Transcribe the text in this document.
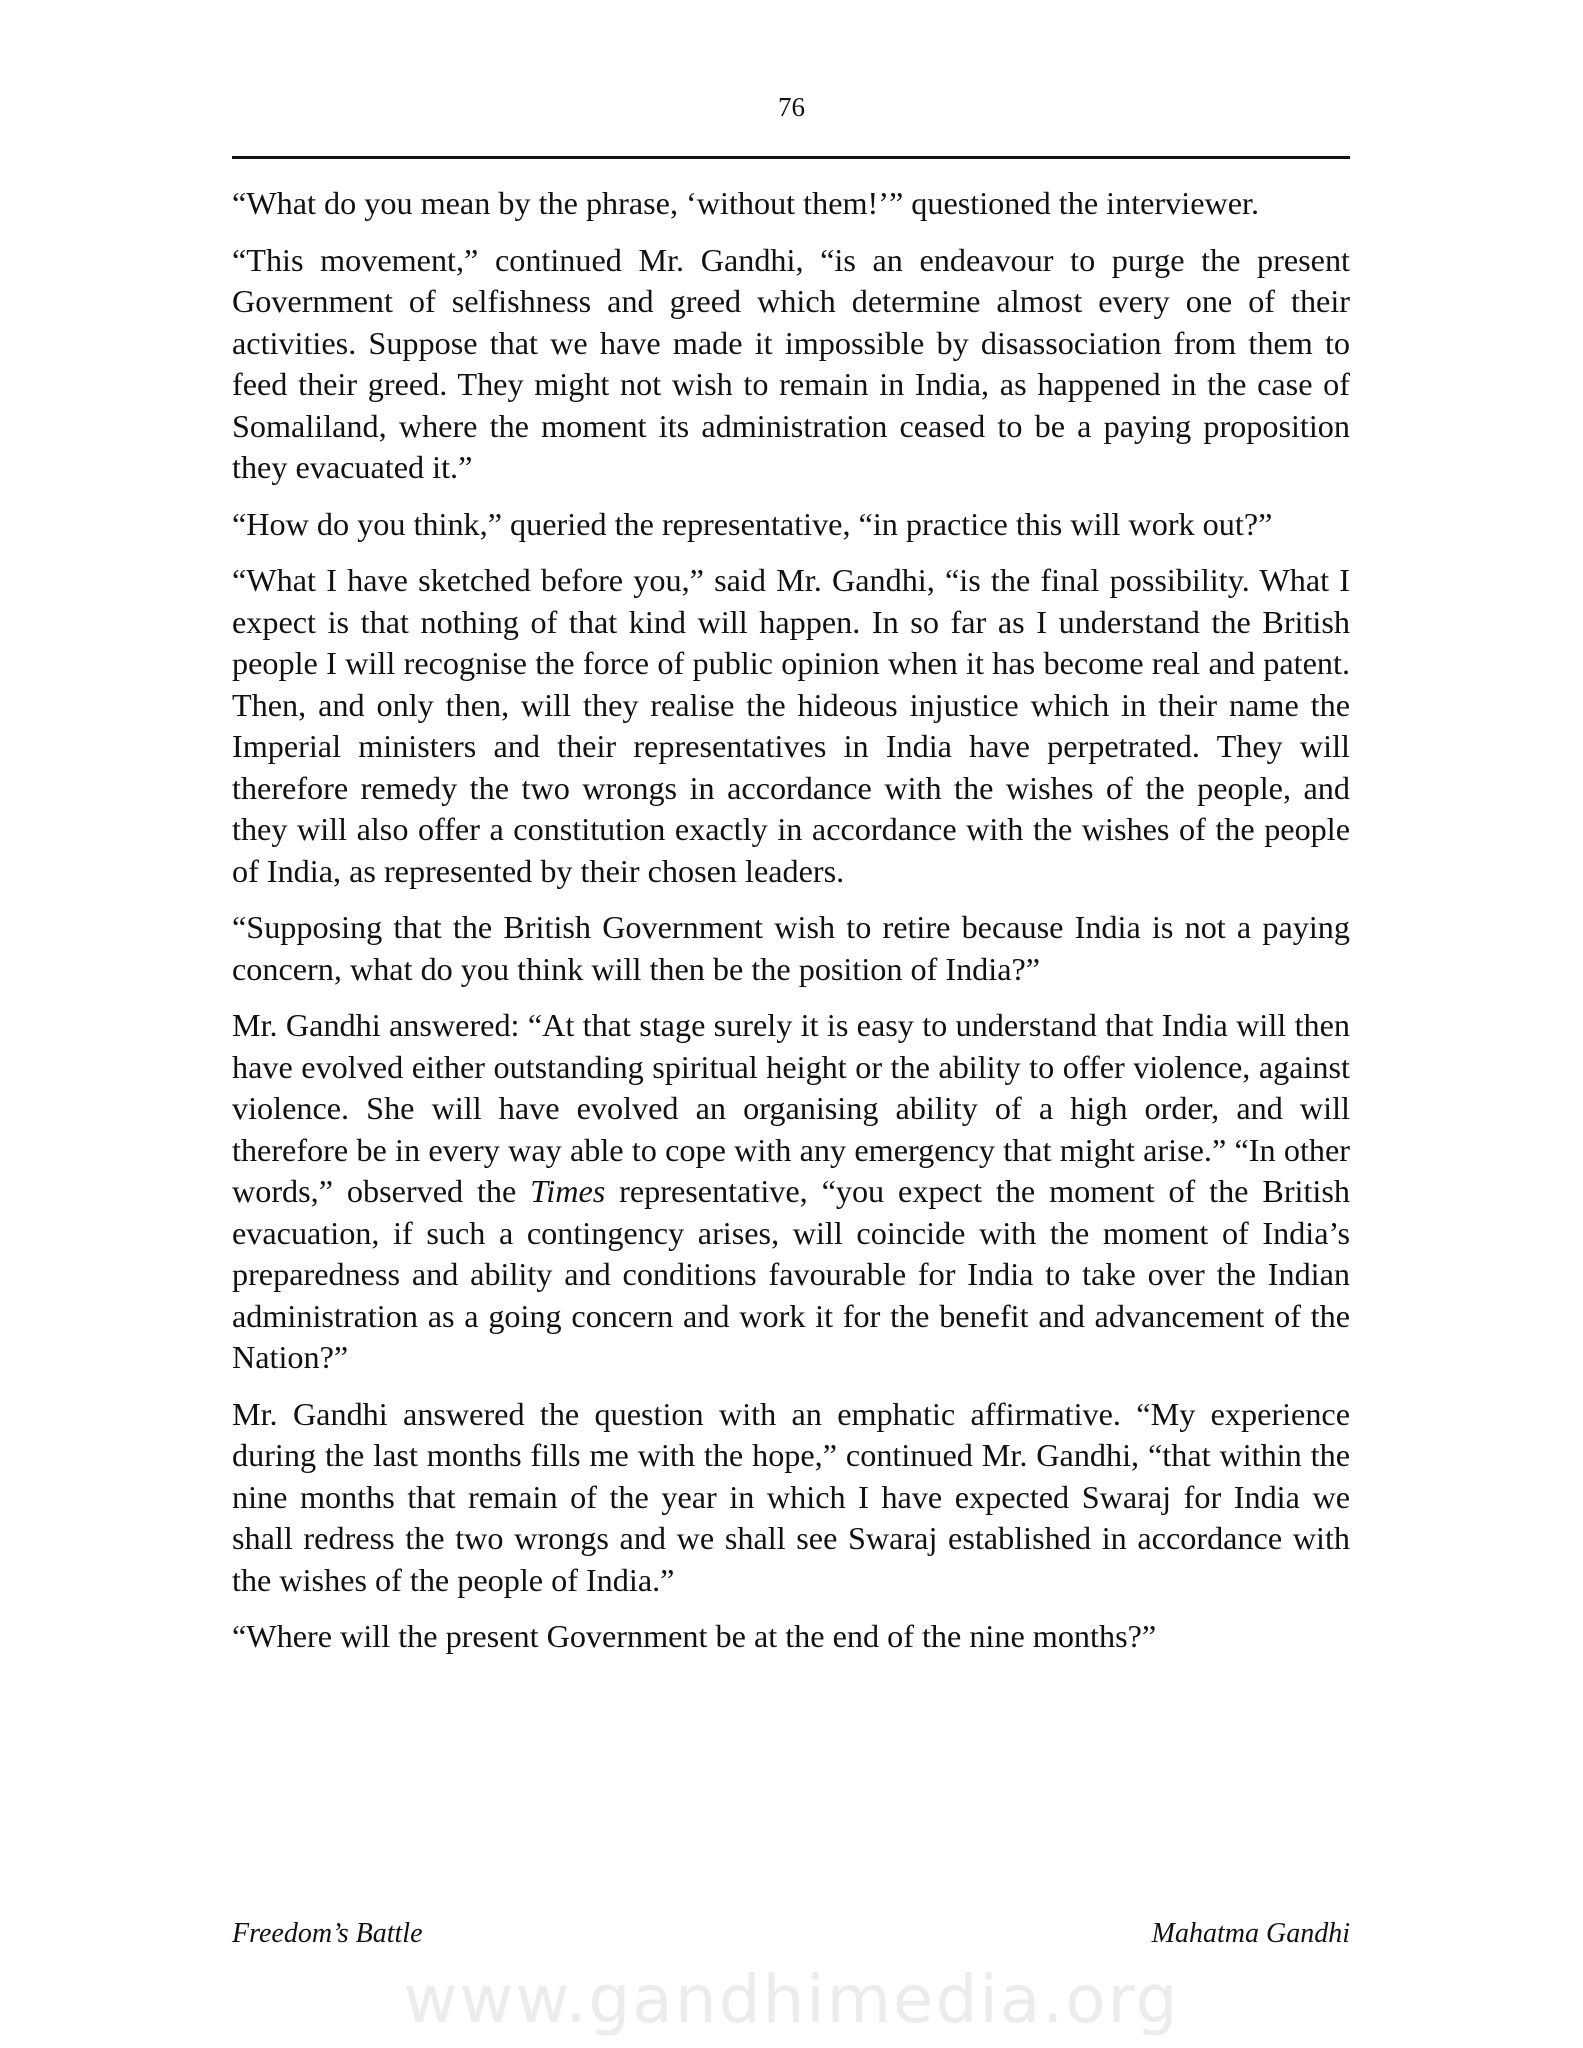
76

“What do you mean by the phrase, ‘without them!’” questioned the interviewer.

“This movement,” continued Mr. Gandhi, “is an endeavour to purge the present Government of selfishness and greed which determine almost every one of their activities. Suppose that we have made it impossible by disassociation from them to feed their greed. They might not wish to remain in India, as happened in the case of Somaliland, where the moment its administration ceased to be a paying proposition they evacuated it.”

“How do you think,” queried the representative, “in practice this will work out?”

“What I have sketched before you,” said Mr. Gandhi, “is the final possibility. What I expect is that nothing of that kind will happen. In so far as I understand the British people I will recognise the force of public opinion when it has become real and patent. Then, and only then, will they realise the hideous injustice which in their name the Imperial ministers and their representatives in India have perpetrated. They will therefore remedy the two wrongs in accordance with the wishes of the people, and they will also offer a constitution exactly in accordance with the wishes of the people of India, as represented by their chosen leaders.

“Supposing that the British Government wish to retire because India is not a paying concern, what do you think will then be the position of India?”

Mr. Gandhi answered: “At that stage surely it is easy to understand that India will then have evolved either outstanding spiritual height or the ability to offer violence, against violence. She will have evolved an organising ability of a high order, and will therefore be in every way able to cope with any emergency that might arise.” “In other words,” observed the Times representative, “you expect the moment of the British evacuation, if such a contingency arises, will coincide with the moment of India’s preparedness and ability and conditions favourable for India to take over the Indian administration as a going concern and work it for the benefit and advancement of the Nation?”

Mr. Gandhi answered the question with an emphatic affirmative. “My experience during the last months fills me with the hope,” continued Mr. Gandhi, “that within the nine months that remain of the year in which I have expected Swaraj for India we shall redress the two wrongs and we shall see Swaraj established in accordance with the wishes of the people of India.”

“Where will the present Government be at the end of the nine months?”

Freedom’s Battle	Mahatma Gandhi
www.gandhimedia.org
